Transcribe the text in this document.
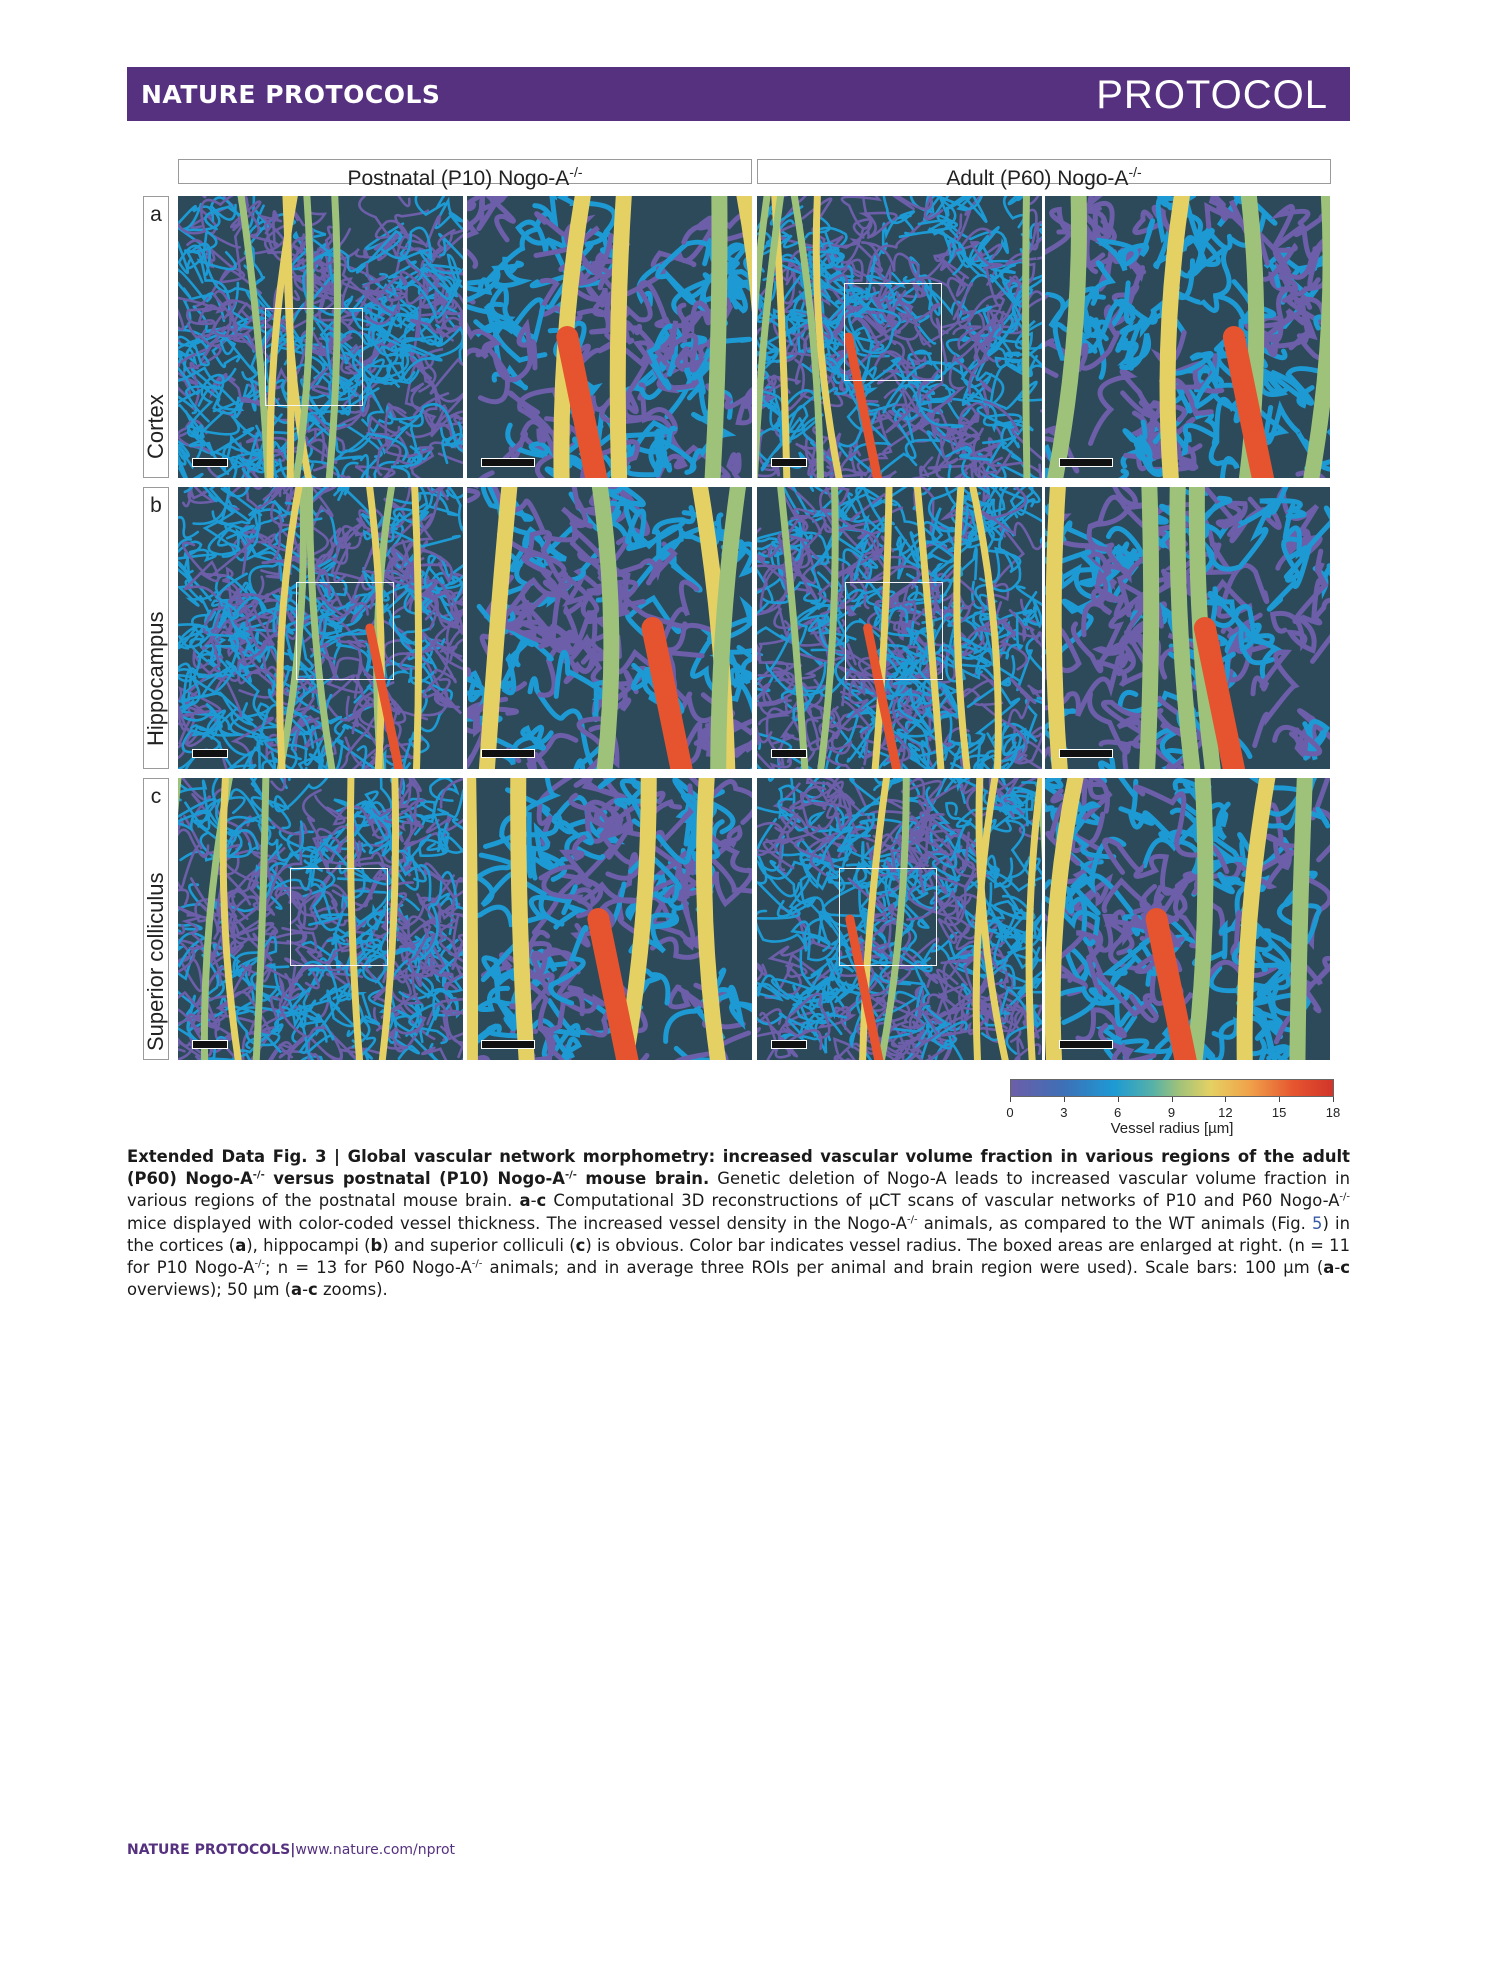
NATURE PROTOCOLS	PROTOCOL
Postnatal (P10) Nogo-A-/-	Adult (P60) Nogo-A-/-
a
Cortex
b
Hippocampus
c
Superior colliculus
0	3	6	9	12	15	18
Vessel radius [µm]
Extended Data Fig. 3 | Global vascular network morphometry: increased vascular volume fraction in various regions of the adult (P60) Nogo-A-/- versus postnatal (P10) Nogo-A-/- mouse brain. Genetic deletion of Nogo-A leads to increased vascular volume fraction in various regions of the postnatal mouse brain. a-c Computational 3D reconstructions of µCT scans of vascular networks of P10 and P60 Nogo-A-/- mice displayed with color-coded vessel thickness. The increased vessel density in the Nogo-A-/- animals, as compared to the WT animals (Fig. 5) in the cortices (a), hippocampi (b) and superior colliculi (c) is obvious. Color bar indicates vessel radius. The boxed areas are enlarged at right. (n = 11 for P10 Nogo-A-/-; n = 13 for P60 Nogo-A-/- animals; and in average three ROIs per animal and brain region were used). Scale bars: 100 µm (a-c overviews); 50 µm (a-c zooms).
NATURE PROTOCOLS|www.nature.com/nprot
